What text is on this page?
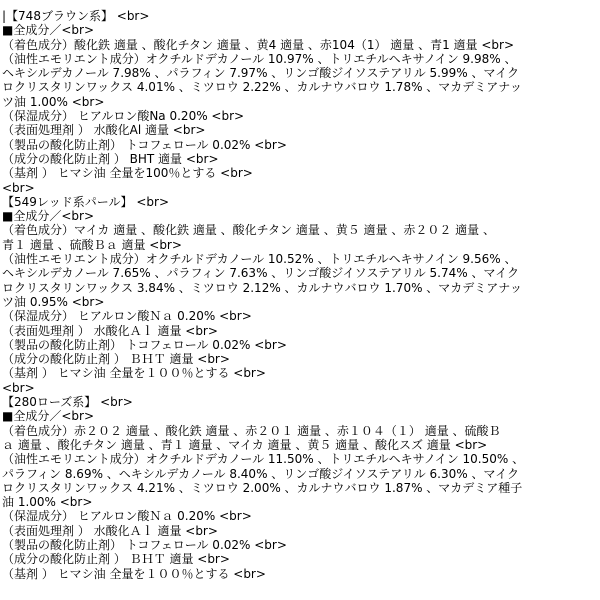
|【748ブラウン系】 <br>
■全成分／<br>
（着色成分）酸化鉄 適量 、酸化チタン 適量 、黄4 適量 、赤104（1） 適量 、青1 適量 <br>
（油性エモリエント成分）オクチルドデカノール 10.97% 、トリエチルヘキサノイン 9.98% 、
ヘキシルデカノール 7.98% 、パラフィン 7.97% 、リンゴ酸ジイソステアリル 5.99% 、マイク
ロクリスタリンワックス 4.01% 、ミツロウ 2.22% 、カルナウバロウ 1.78% 、マカデミアナッ
ツ油 1.00% <br>
（保湿成分） ヒアルロン酸Na 0.20% <br>
（表面処理剤 ） 水酸化Al 適量 <br>
（製品の酸化防止剤） トコフェロール 0.02% <br>
（成分の酸化防止剤 ） BHT 適量 <br>
（基剤 ） ヒマシ油 全量を100％とする <br>
<br>
【549レッド系パール】 <br>
■全成分／<br>
（着色成分）マイカ 適量 、酸化鉄 適量 、酸化チタン 適量 、黄５ 適量 、赤２０２ 適量 、
青１ 適量 、硫酸Ｂａ 適量 <br>
（油性エモリエント成分）オクチルドデカノール 10.52% 、トリエチルヘキサノイン 9.56% 、
ヘキシルデカノール 7.65% 、パラフィン 7.63% 、リンゴ酸ジイソステアリル 5.74% 、マイク
ロクリスタリンワックス 3.84% 、ミツロウ 2.12% 、カルナウバロウ 1.70% 、マカデミアナッ
ツ油 0.95% <br>
（保湿成分） ヒアルロン酸Ｎａ 0.20% <br>
（表面処理剤 ） 水酸化Ａｌ 適量 <br>
（製品の酸化防止剤） トコフェロール 0.02% <br>
（成分の酸化防止剤 ） ＢＨＴ 適量 <br>
（基剤 ） ヒマシ油 全量を１００％とする <br>
<br>
【280ローズ系】 <br>
■全成分／<br>
（着色成分）赤２０２ 適量 、酸化鉄 適量 、赤２０１ 適量 、赤１０４（１） 適量 、硫酸Ｂ
ａ 適量 、酸化チタン 適量 、青１ 適量 、マイカ 適量 、黄５ 適量 、酸化スズ 適量 <br>
（油性エモリエント成分）オクチルドデカノール 11.50% 、トリエチルヘキサノイン 10.50% 、
パラフィン 8.69% 、ヘキシルデカノール 8.40% 、リンゴ酸ジイソステアリル 6.30% 、マイク
ロクリスタリンワックス 4.21% 、ミツロウ 2.00% 、カルナウバロウ 1.87% 、マカデミア種子
油 1.00% <br>
（保湿成分） ヒアルロン酸Ｎａ 0.20% <br>
（表面処理剤 ） 水酸化Ａｌ 適量 <br>
（製品の酸化防止剤） トコフェロール 0.02% <br>
（成分の酸化防止剤 ） ＢＨＴ 適量 <br>
（基剤 ） ヒマシ油 全量を１００％とする <br>
